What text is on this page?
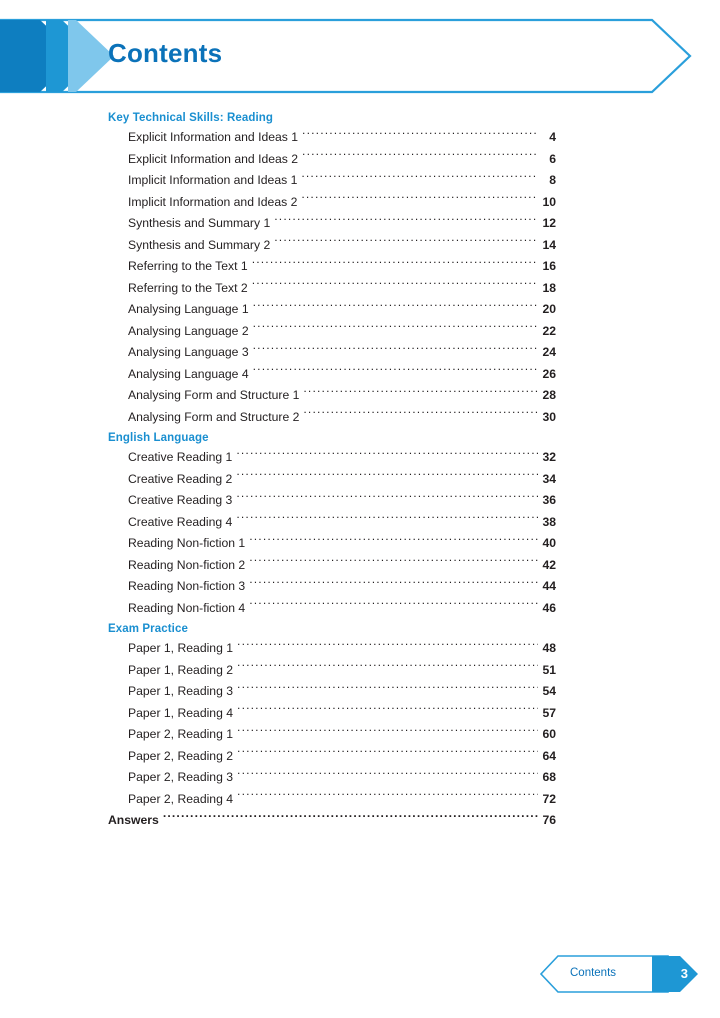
Contents
Key Technical Skills: Reading
Explicit Information and Ideas 1 .....	4
Explicit Information and Ideas 2 .....	6
Implicit Information and Ideas 1 .....	8
Implicit Information and Ideas 2 .....	10
Synthesis and Summary 1 .....	12
Synthesis and Summary 2 .....	14
Referring to the Text 1 .....	16
Referring to the Text 2 .....	18
Analysing Language 1 .....	20
Analysing Language 2 .....	22
Analysing Language 3 .....	24
Analysing Language 4 .....	26
Analysing Form and Structure 1 .....	28
Analysing Form and Structure 2 .....	30
English Language
Creative Reading 1 .....	32
Creative Reading 2 .....	34
Creative Reading 3 .....	36
Creative Reading 4 .....	38
Reading Non-fiction 1 .....	40
Reading Non-fiction 2 .....	42
Reading Non-fiction 3 .....	44
Reading Non-fiction 4 .....	46
Exam Practice
Paper 1, Reading 1 .....	48
Paper 1, Reading 2 .....	51
Paper 1, Reading 3 .....	54
Paper 1, Reading 4 .....	57
Paper 2, Reading 1 .....	60
Paper 2, Reading 2 .....	64
Paper 2, Reading 3 .....	68
Paper 2, Reading 4 .....	72
Answers .....	76
Contents	3
